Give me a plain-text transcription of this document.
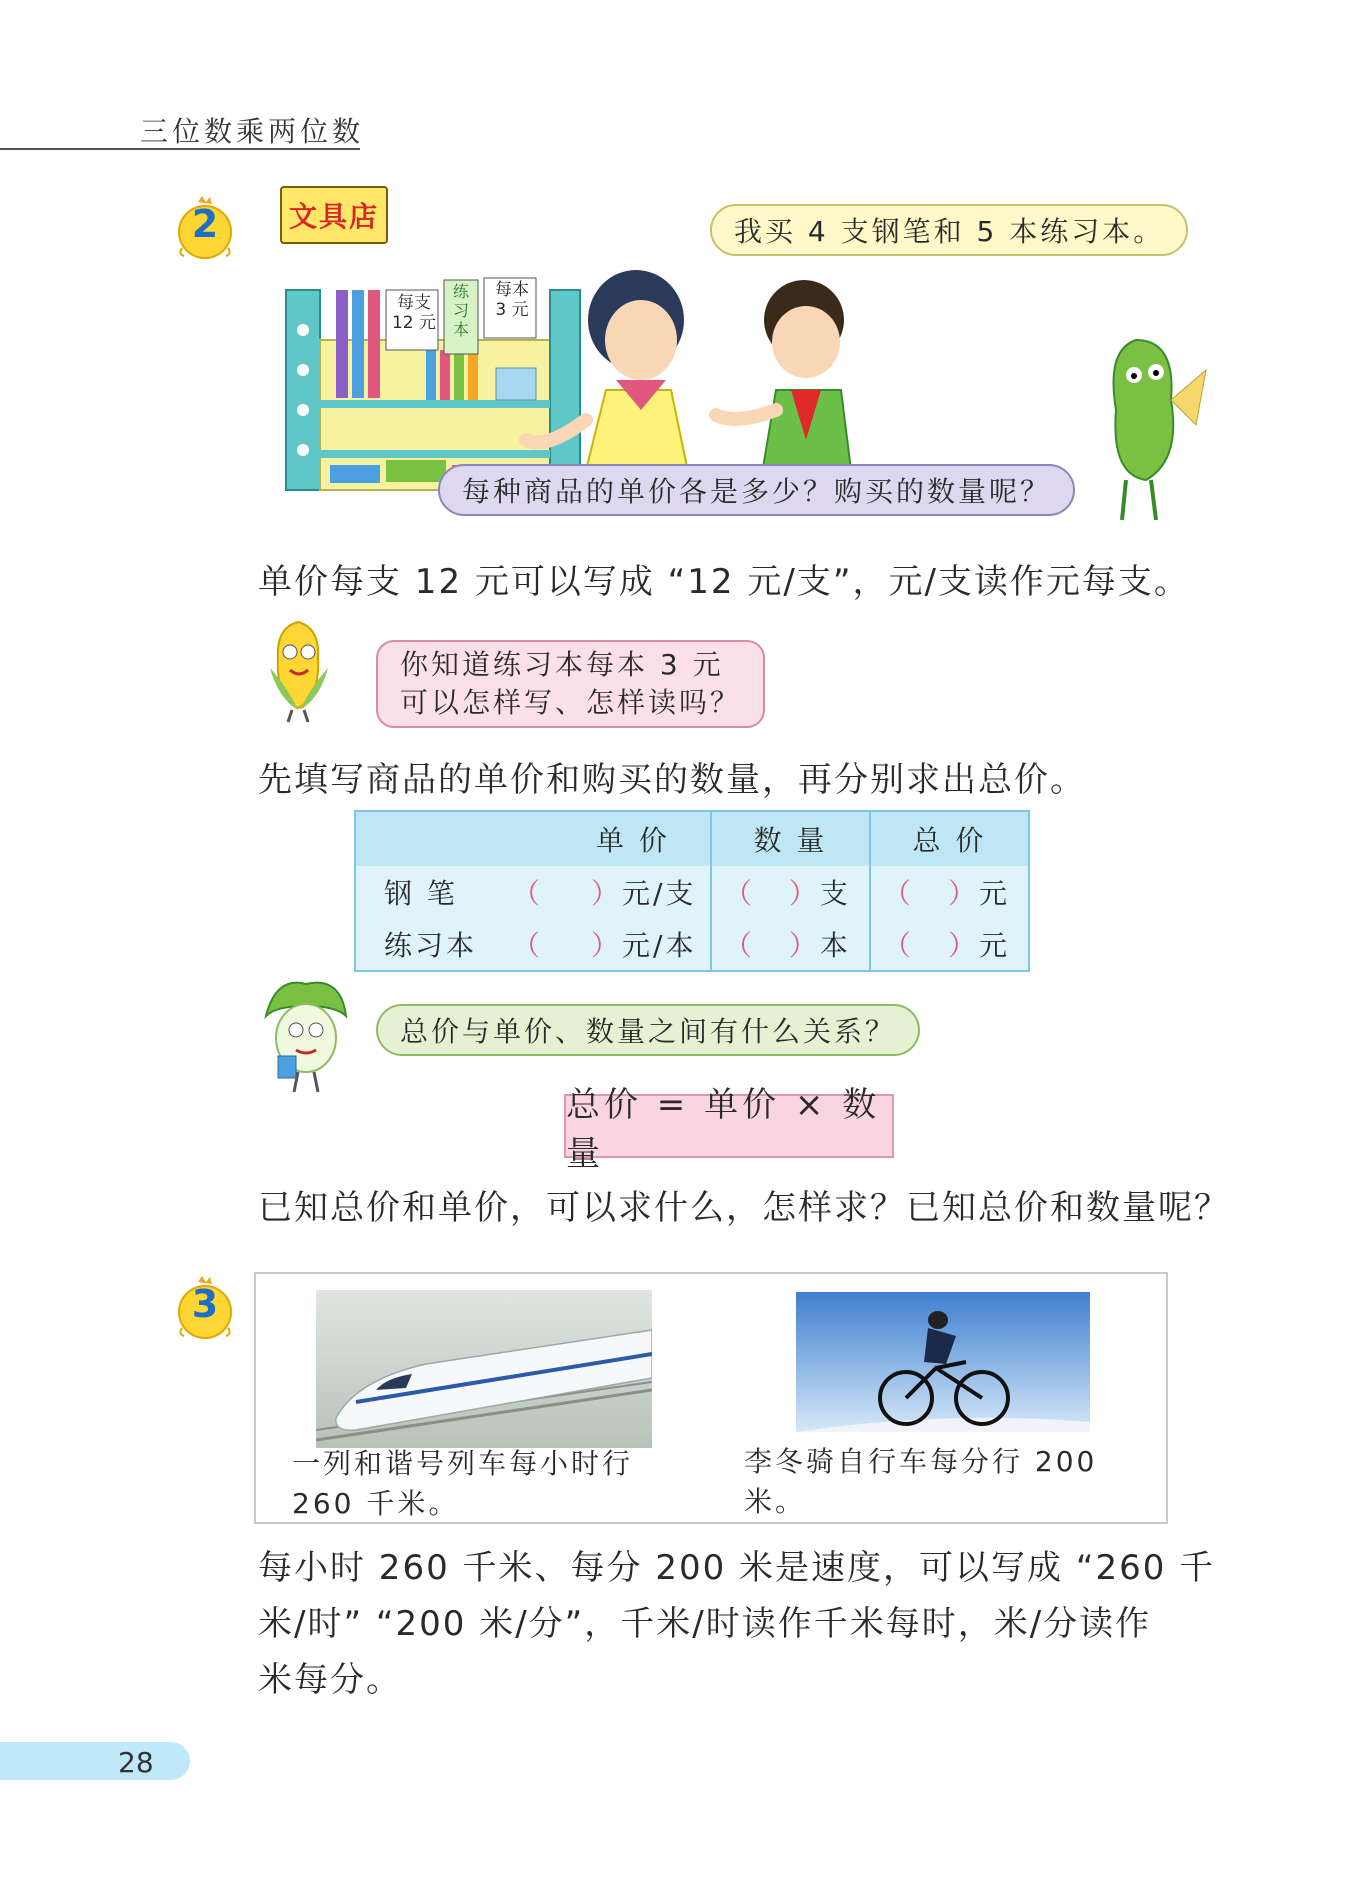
三位数乘两位数
2	文具店
每支 12 元
练习本
每本 3 元
我买 4 支钢笔和 5 本练习本。
每种商品的单价各是多少？购买的数量呢？
单价每支 12 元可以写成 “12 元/支”，元/支读作元每支。
你知道练习本每本 3 元
可以怎样写、怎样读吗？
先填写商品的单价和购买的数量，再分别求出总价。
单 价	数 量	总 价
钢 笔 （ ）元/支	（ ）支	（ ）元
练习本 （ ）元/本	（ ）本	（ ）元
总价与单价、数量之间有什么关系？
总价 = 单价 × 数量
已知总价和单价，可以求什么，怎样求？已知总价和数量呢？
3
一列和谐号列车每小时行
260 千米。
李冬骑自行车每分行 200 米。
每小时 260 千米、每分 200 米是速度，可以写成 “260 千
米/时” “200 米/分”，千米/时读作千米每时，米/分读作
米每分。
28
